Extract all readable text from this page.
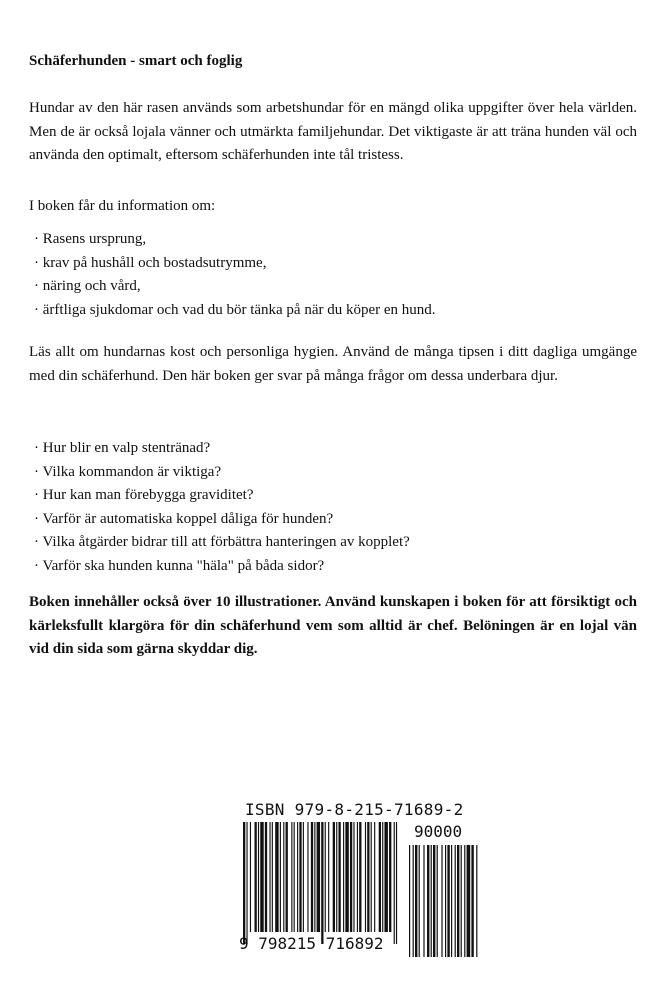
Schäferhunden - smart och foglig

Hundar av den här rasen används som arbetshundar för en mängd olika uppgifter över hela världen. Men de är också lojala vänner och utmärkta familjehundar. Det viktigaste är att träna hunden väl och använda den optimalt, eftersom schäferhunden inte tål tristess.

I boken får du information om:

· Rasens ursprung,
· krav på hushåll och bostadsutrymme,
· näring och vård,
· ärftliga sjukdomar och vad du bör tänka på när du köper en hund.

Läs allt om hundarnas kost och personliga hygien. Använd de många tipsen i ditt dagliga umgänge med din schäferhund. Den här boken ger svar på många frågor om dessa underbara djur.

· Hur blir en valp stentränad?
· Vilka kommandon är viktiga?
· Hur kan man förebygga graviditet?
· Varför är automatiska koppel dåliga för hunden?
· Vilka åtgärder bidrar till att förbättra hanteringen av kopplet?
· Varför ska hunden kunna "häla" på båda sidor?

Boken innehåller också över 10 illustrationer. Använd kunskapen i boken för att försiktigt och kärleksfullt klargöra för din schäferhund vem som alltid är chef. Belöningen är en lojal vän vid din sida som gärna skyddar dig.

ISBN 979-8-215-71689-2
90000
9 798215 716892
